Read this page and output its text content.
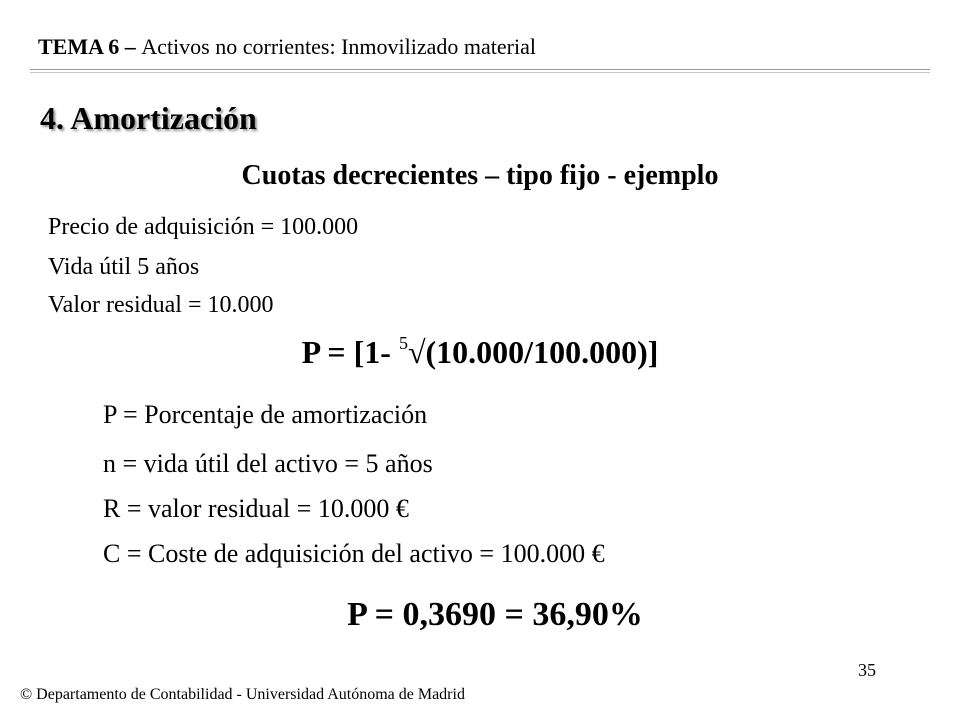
TEMA 6 – Activos no corrientes: Inmovilizado material
4. Amortización
Cuotas decrecientes – tipo fijo - ejemplo
Precio de adquisición = 100.000
Vida útil 5 años
Valor residual = 10.000
P = [1- $^5$√(10.000/100.000)]
P = Porcentaje de amortización
n = vida útil del activo = 5 años
R = valor residual = 10.000 €
C = Coste de adquisición del activo = 100.000 €
P = 0,3690 = 36,90%
35
© Departamento de Contabilidad - Universidad Autónoma de Madrid
